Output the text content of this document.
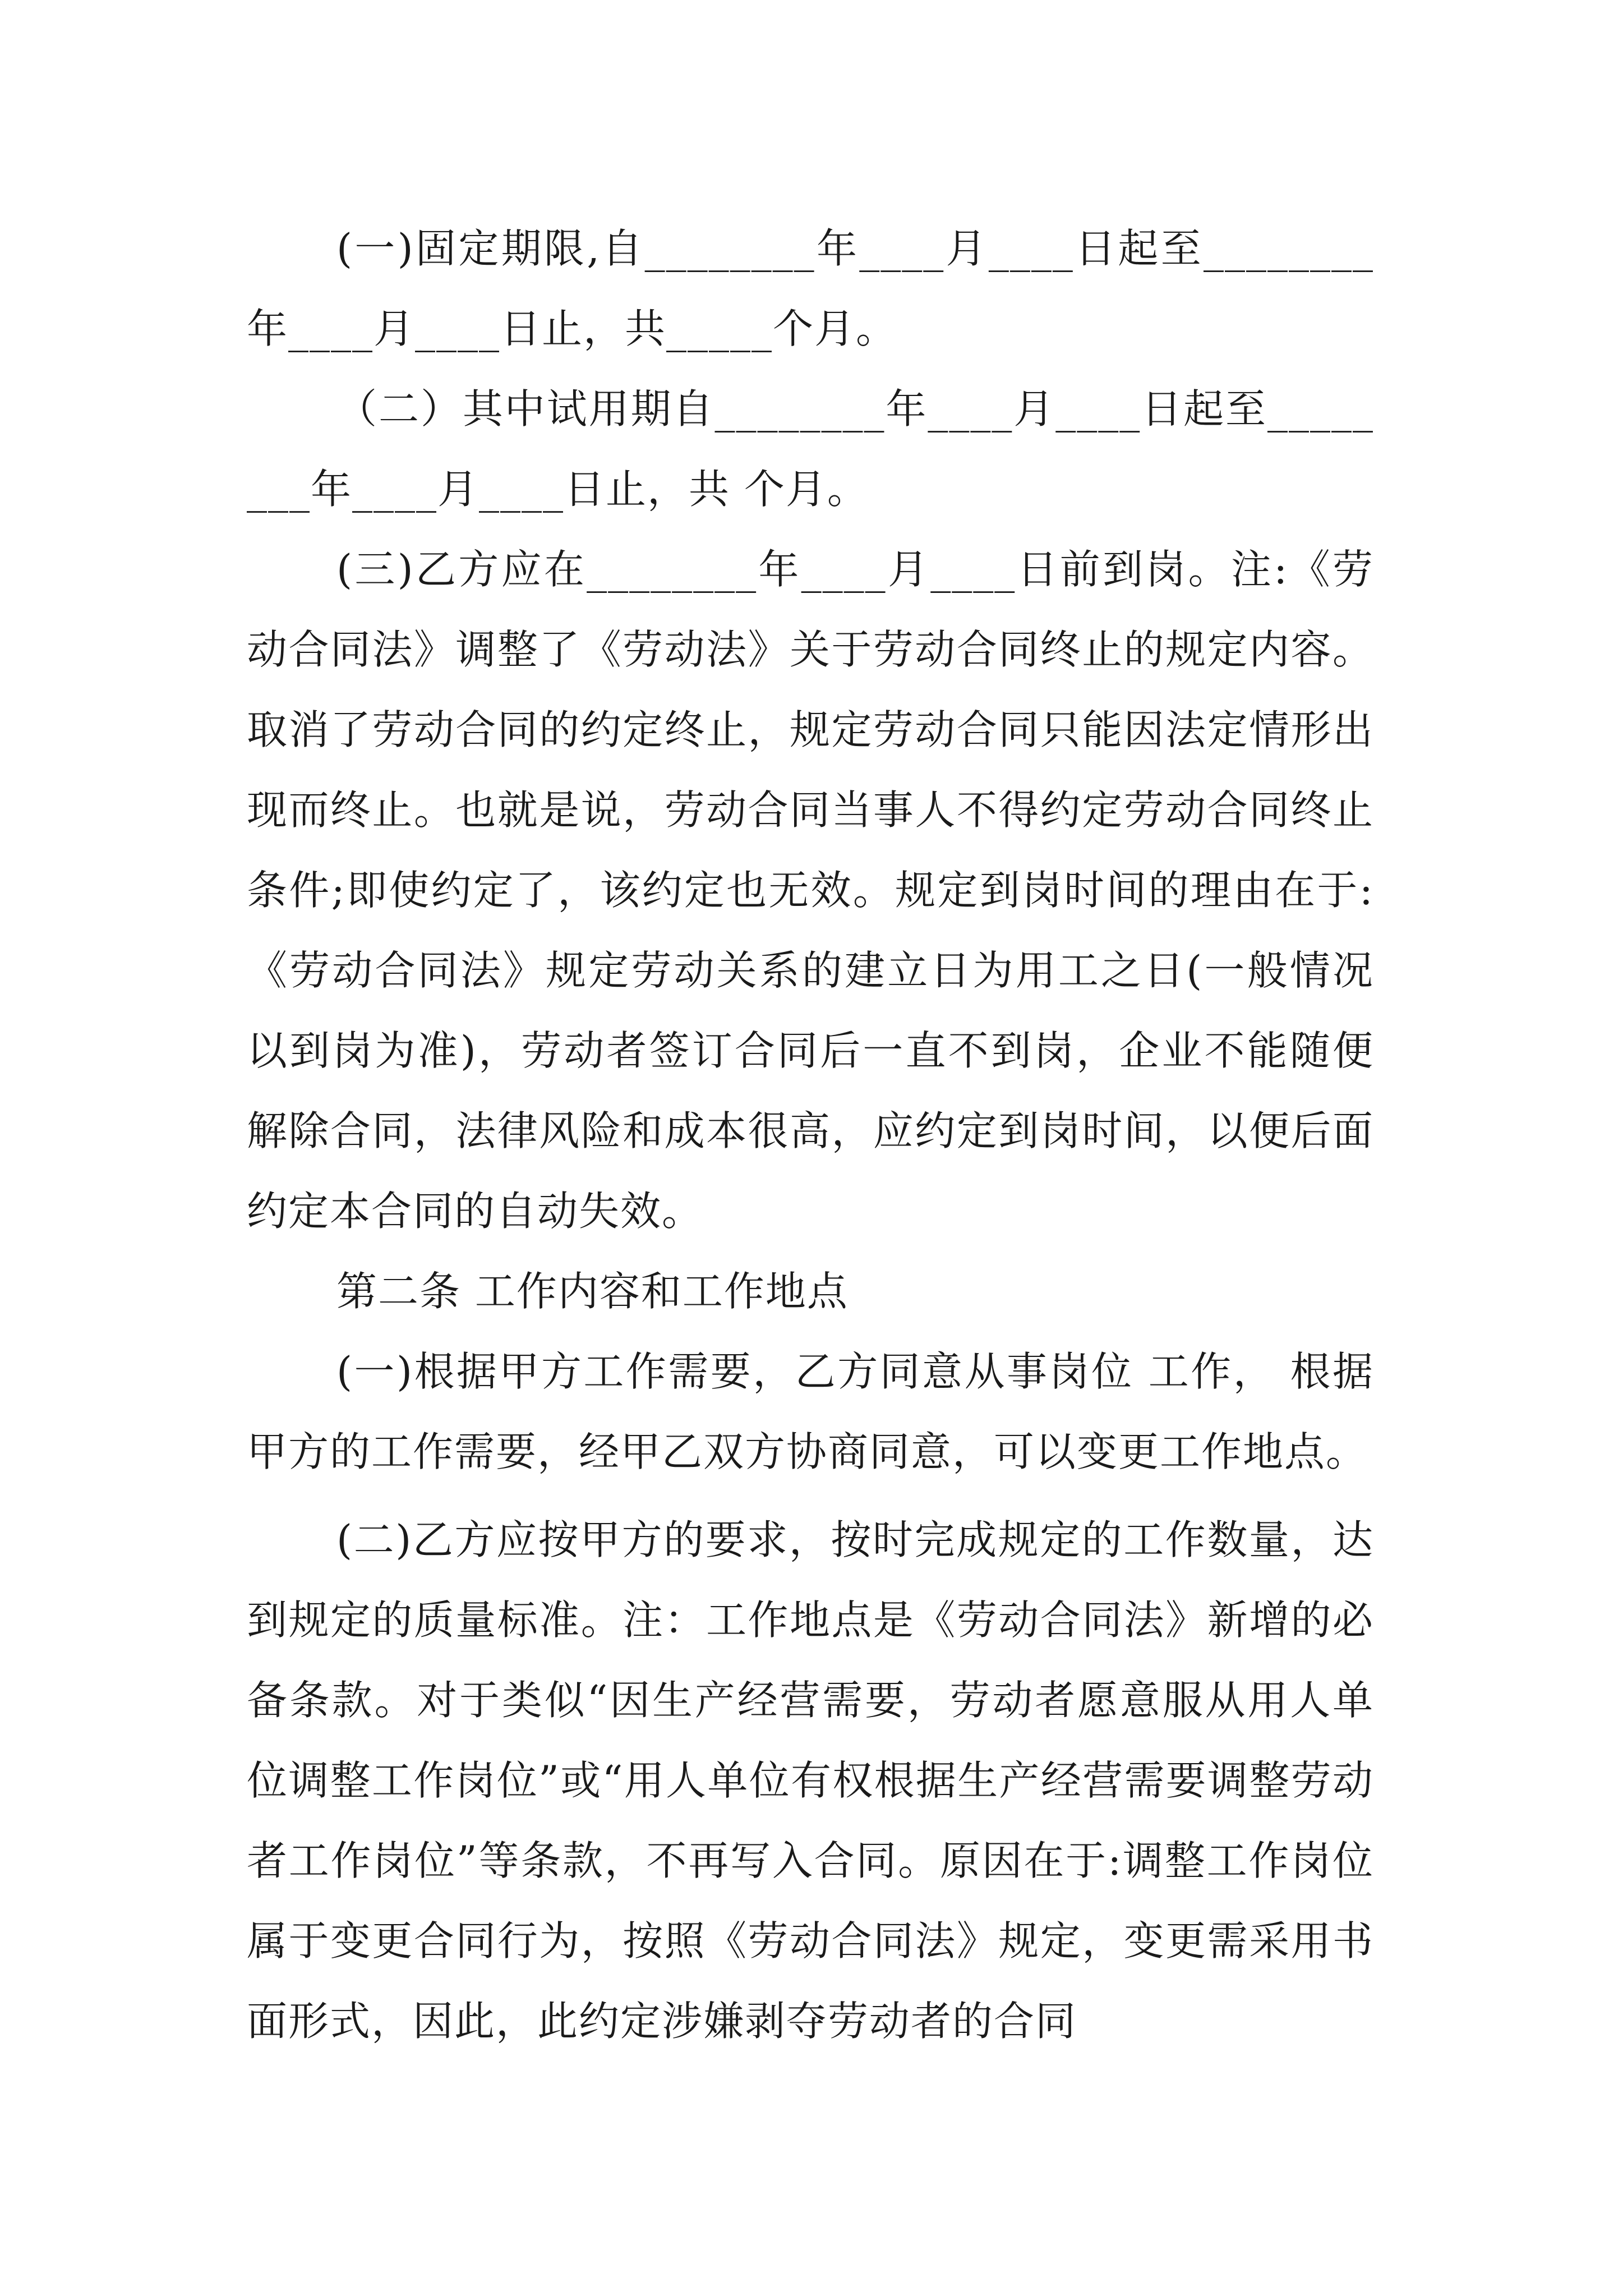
(一)固定期限,自________年____月____日起至________年____月____日止，共_____个月。

（二）其中试用期自________年____月____日起至________年____月____日止，共 个月。

(三)乙方应在________年____月____日前到岗。注:《劳动合同法》调整了《劳动法》关于劳动合同终止的规定内容。取消了劳动合同的约定终止，规定劳动合同只能因法定情形出现而终止。也就是说，劳动合同当事人不得约定劳动合同终止条件;即使约定了，该约定也无效。规定到岗时间的理由在于:《劳动合同法》规定劳动关系的建立日为用工之日(一般情况以到岗为准)，劳动者签订合同后一直不到岗，企业不能随便解除合同，法律风险和成本很高，应约定到岗时间，以便后面约定本合同的自动失效。

第二条 工作内容和工作地点

(一)根据甲方工作需要，乙方同意从事岗位 工作， 根据甲方的工作需要，经甲乙双方协商同意，可以变更工作地点。

(二)乙方应按甲方的要求，按时完成规定的工作数量，达到规定的质量标准。注：工作地点是《劳动合同法》新增的必备条款。对于类似“因生产经营需要，劳动者愿意服从用人单位调整工作岗位”或“用人单位有权根据生产经营需要调整劳动者工作岗位”等条款，不再写入合同。原因在于:调整工作岗位属于变更合同行为，按照《劳动合同法》规定，变更需采用书面形式，因此，此约定涉嫌剥夺劳动者的合同
